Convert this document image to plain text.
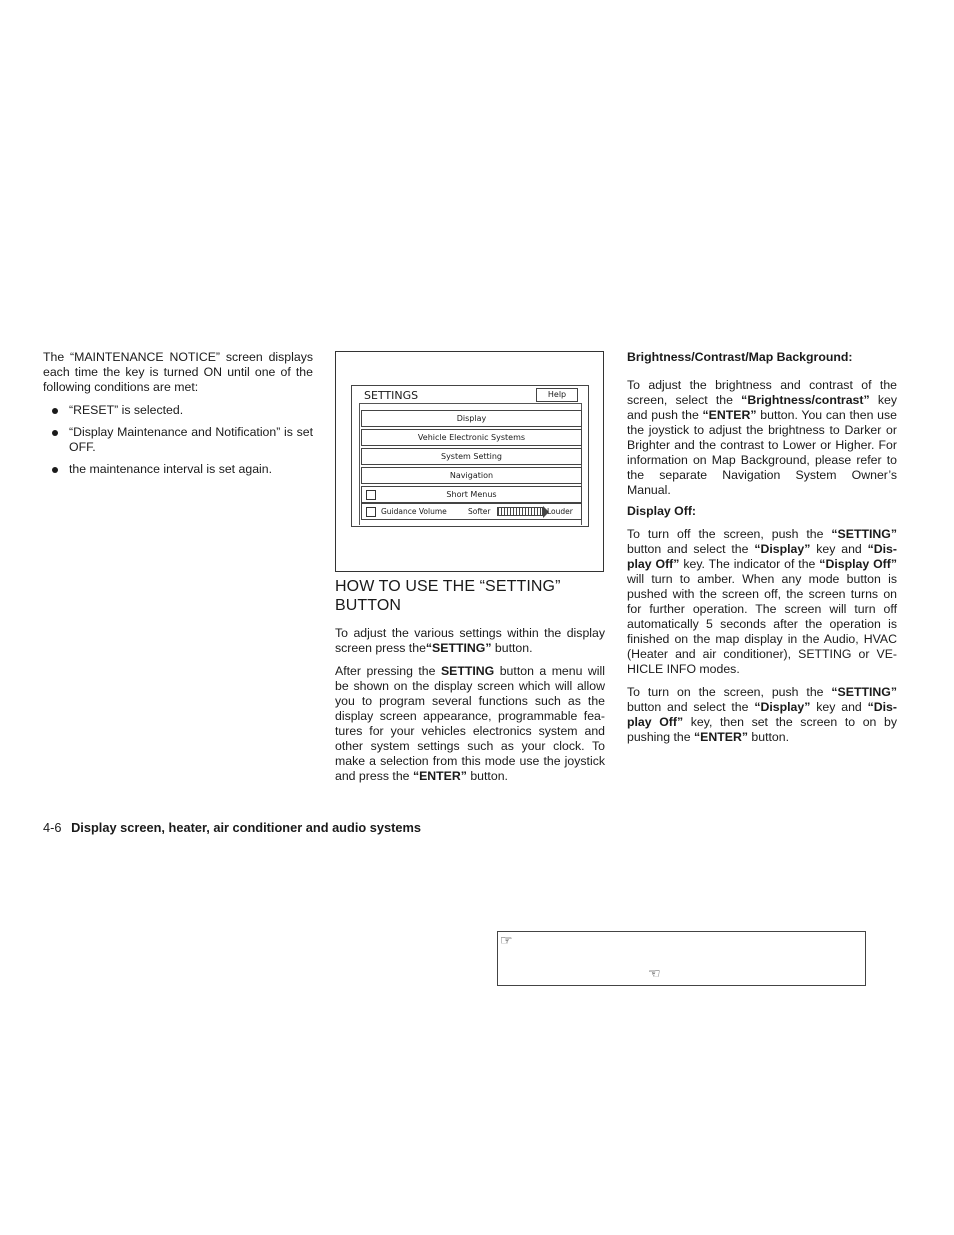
The “MAINTENANCE NOTICE” screen displays each time the key is turned ON until one of the following conditions are met:

“RESET” is selected.
“Display Maintenance and Notification” is set OFF.
the maintenance interval is set again.
SETTINGS	Help
Display
Vehicle Electronic Systems
System Setting
Navigation
Short Menus
Guidance Volume	Softer	Louder
HOW TO USE THE “SETTING” BUTTON

To adjust the various settings within the display screen press the“SETTING” button.

After pressing the SETTING button a menu will be shown on the display screen which will allow you to program several functions such as the display screen appearance, programmable fea-tures for your vehicles electronics system and other system settings such as your clock. To make a selection from this mode use the joystick and press the “ENTER” button.

Brightness/Contrast/Map Background:

To adjust the brightness and contrast of the screen, select the “Brightness/contrast” key and push the “ENTER” button. You can then use the joystick to adjust the brightness to Darker or Brighter and the contrast to Lower or Higher. For information on Map Background, please refer to the separate Navigation System Owner’s Manual.

Display Off:

To turn off the screen, push the “SETTING” button and select the “Display” key and “Dis-play Off” key. The indicator of the “Display Off” will turn to amber. When any mode button is pushed with the screen off, the screen turns on for further operation. The screen will turn off automatically 5 seconds after the operation is finished on the map display in the Audio, HVAC (Heater and air conditioner), SETTING or VE-HICLE INFO modes.

To turn on the screen, push the “SETTING” button and select the “Display” key and “Dis-play Off” key, then set the screen to on by pushing the “ENTER” button.

4-6 Display screen, heater, air conditioner and audio systems
☞
☜
